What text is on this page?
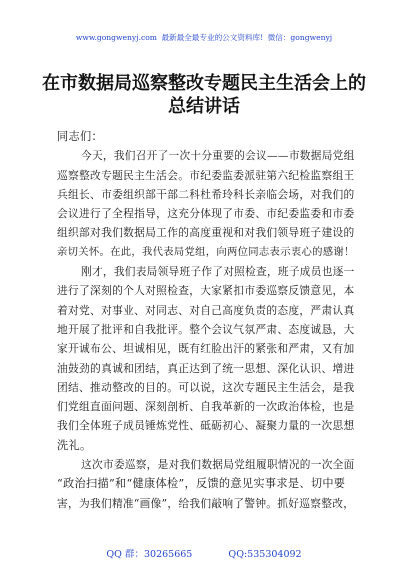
www.gongwenyj.com 最新最全最专业的公文资料库! 微信：gongwenyj
在市数据局巡察整改专题民主生活会上的
总结讲话
同志们：
今天，我们召开了一次十分重要的会议——市数据局党组
巡察整改专题民主生活会。市纪委监委派驻第六纪检监察组王
兵组长、市委组织部干部二科杜希玲科长亲临会场，对我们的
会议进行了全程指导，这充分体现了市委、市纪委监委和市委
组织部对我们数据局工作的高度重视和对我们领导班子建设的
亲切关怀。在此，我代表局党组，向两位同志表示衷心的感谢！
刚才，我们表局领导班子作了对照检查，班子成员也逐一
进行了深刻的个人对照检查，大家紧扣市委巡察反馈意见，本
着对党、对事业、对同志、对自己高度负责的态度，严肃认真
地开展了批评和自我批评。整个会议气氛严肃、态度诚恳，大
家开诚布公、坦诚相见，既有红脸出汗的紧张和严肃，又有加
油鼓劲的真诚和团结，真正达到了统一思想、深化认识、增进
团结、推动整改的目的。可以说，这次专题民主生活会，是我
们党组直面问题、深刻剖析、自我革新的一次政治体检，也是
我们全体班子成员锤炼党性、砥砺初心、凝聚力量的一次思想
洗礼。
这次市委巡察，是对我们数据局党组履职情况的一次全面
“政治扫描”和“健康体检”，反馈的意见实事求是、切中要
害，为我们精准“画像”，给我们敲响了警钟。抓好巡察整改，
QQ 群：30265665	QQ:535304092
